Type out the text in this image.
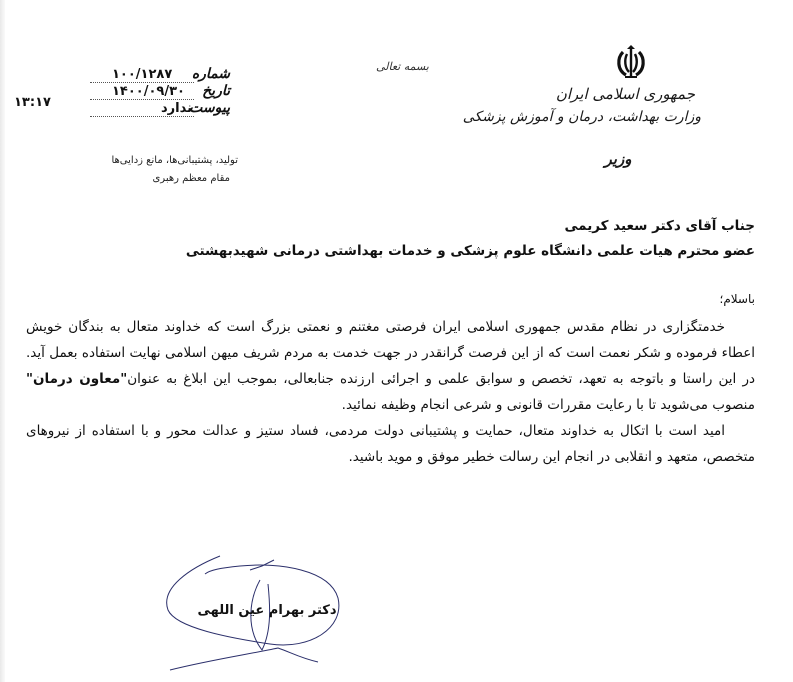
جمهوری اسلامی ایران
وزارت بهداشت، درمان و آموزش پزشکی
وزیر
بسمه تعالی
شماره
۱۰۰/۱۲۸۷
تاریخ
۱۴۰۰/۰۹/۳۰
پیوست
ندارد
۱۳:۱۷
تولید، پشتیبانی‌ها، مانع زدایی‌ها
مقام معظم رهبری
جناب آقای دکتر سعید کریمی
عضو محترم هیات علمی دانشگاه علوم پزشکی و خدمات بهداشتی درمانی شهیدبهشتی
باسلام؛

خدمتگزاری در نظام مقدس جمهوری اسلامی ایران فرصتی مغتنم و نعمتی بزرگ است که خداوند متعال به بندگان خویش اعطاء فرموده و شکر نعمت است که از این فرصت گرانقدر در جهت خدمت به مردم شریف میهن اسلامی نهایت استفاده بعمل آید. در این راستا و باتوجه به تعهد، تخصص و سوابق علمی و اجرائی ارزنده جنابعالی، بموجب این ابلاغ به عنوان"معاون درمان" منصوب می‌شوید تا با رعایت مقررات قانونی و شرعی انجام وظیفه نمائید.

امید است با اتکال به خداوند متعال، حمایت و پشتیبانی دولت مردمی، فساد ستیز و عدالت محور و با استفاده از نیروهای متخصص، متعهد و انقلابی در انجام این رسالت خطیر موفق و موید باشید.

دکتر بهرام عین اللهی
